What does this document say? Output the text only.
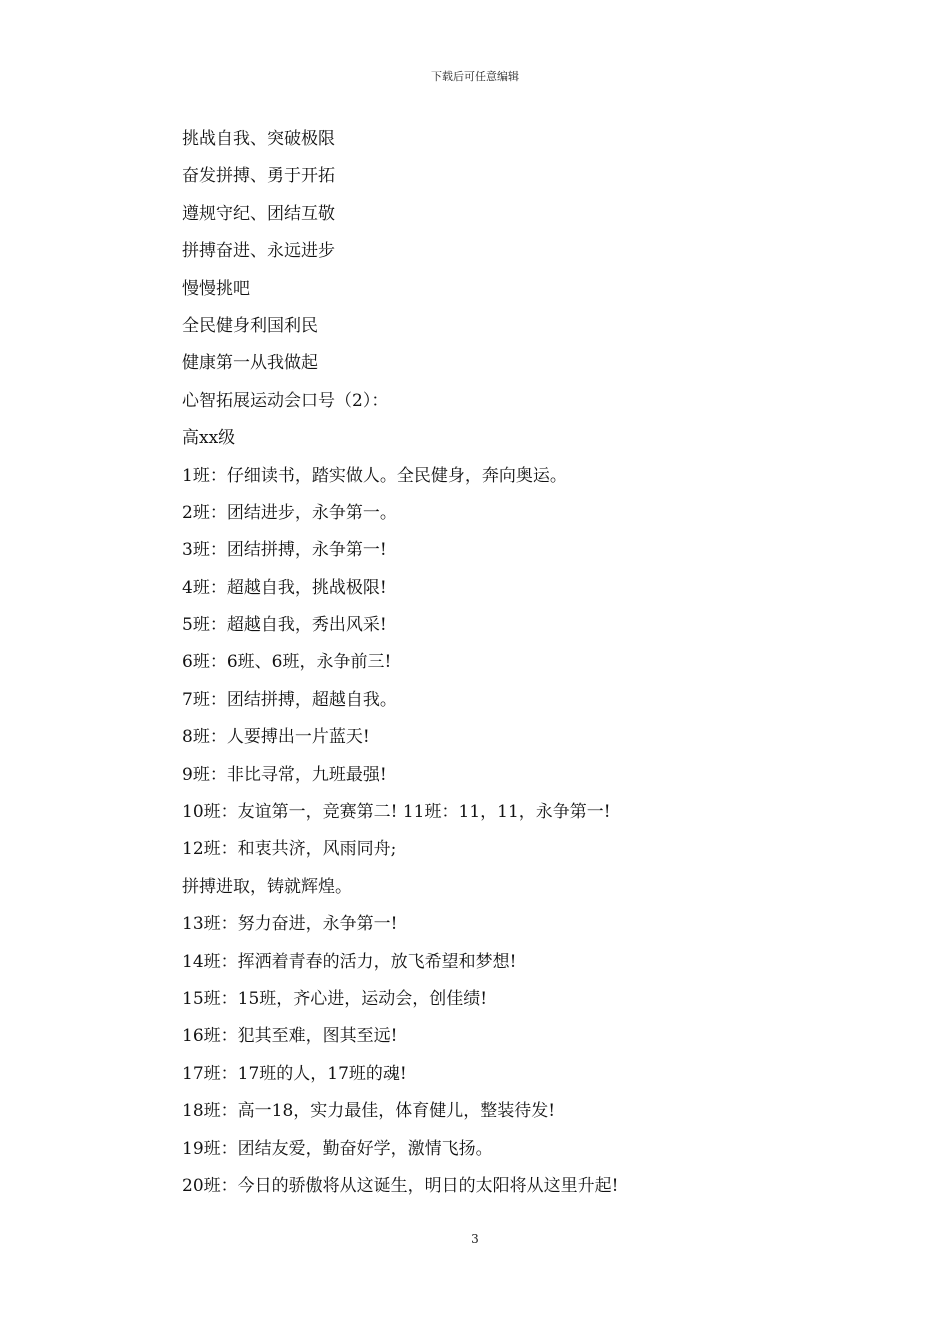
下载后可任意编辑
挑战自我、突破极限
奋发拼搏、勇于开拓
遵规守纪、团结互敬
拼搏奋进、永远进步
慢慢挑吧
全民健身利国利民
健康第一从我做起
心智拓展运动会口号（2）：
高xx级
1班：仔细读书，踏实做人。全民健身，奔向奥运。
2班：团结进步，永争第一。
3班：团结拼搏，永争第一!
4班：超越自我，挑战极限!
5班：超越自我，秀出风采!
6班：6班、6班，永争前三!
7班：团结拼搏，超越自我。
8班：人要搏出一片蓝天!
9班：非比寻常，九班最强!
10班：友谊第一，竞赛第二! 11班：11，11，永争第一!
12班：和衷共济，风雨同舟;
拼搏进取，铸就辉煌。
13班：努力奋进，永争第一!
14班：挥洒着青春的活力，放飞希望和梦想!
15班：15班，齐心进，运动会，创佳绩!
16班：犯其至难，图其至远!
17班：17班的人，17班的魂!
18班：高一18，实力最佳，体育健儿，整装待发!
19班：团结友爱，勤奋好学，激情飞扬。
20班：今日的骄傲将从这诞生，明日的太阳将从这里升起!
3
